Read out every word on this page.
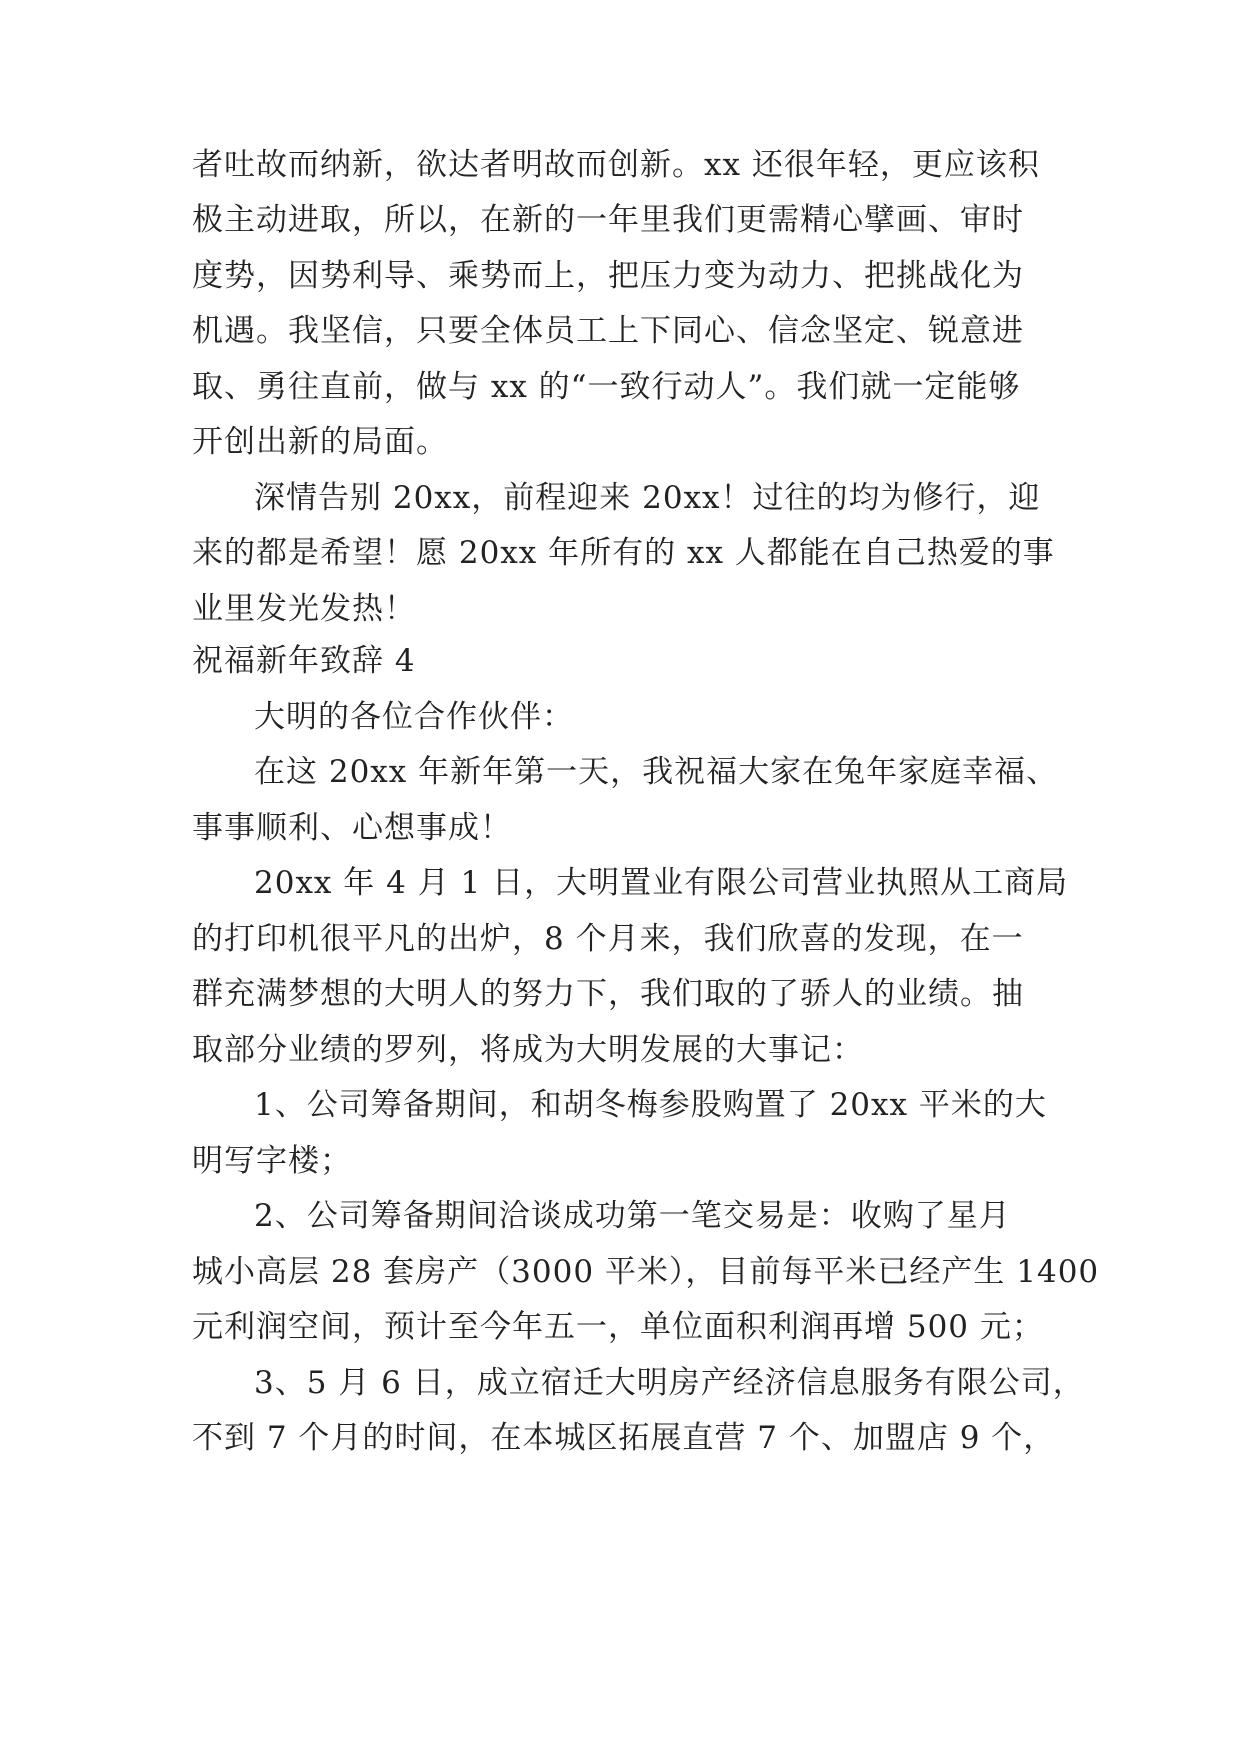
者吐故而纳新，欲达者明故而创新。xx 还很年轻，更应该积
极主动进取，所以，在新的一年里我们更需精心擘画、审时
度势，因势利导、乘势而上，把压力变为动力、把挑战化为
机遇。我坚信，只要全体员工上下同心、信念坚定、锐意进
取、勇往直前，做与 xx 的“一致行动人”。我们就一定能够
开创出新的局面。
深情告别 20xx，前程迎来 20xx！过往的均为修行，迎
来的都是希望！愿 20xx 年所有的 xx 人都能在自己热爱的事
业里发光发热！
祝福新年致辞 4
大明的各位合作伙伴：
在这 20xx 年新年第一天，我祝福大家在兔年家庭幸福、
事事顺利、心想事成！
20xx 年 4 月 1 日，大明置业有限公司营业执照从工商局
的打印机很平凡的出炉，8 个月来，我们欣喜的发现，在一
群充满梦想的大明人的努力下，我们取的了骄人的业绩。抽
取部分业绩的罗列，将成为大明发展的大事记：
1、公司筹备期间，和胡冬梅参股购置了 20xx 平米的大
明写字楼；
2、公司筹备期间洽谈成功第一笔交易是：收购了星月
城小高层 28 套房产（3000 平米），目前每平米已经产生 1400
元利润空间，预计至今年五一，单位面积利润再增 500 元；
3、5 月 6 日，成立宿迁大明房产经济信息服务有限公司，
不到 7 个月的时间，在本城区拓展直营 7 个、加盟店 9 个，
